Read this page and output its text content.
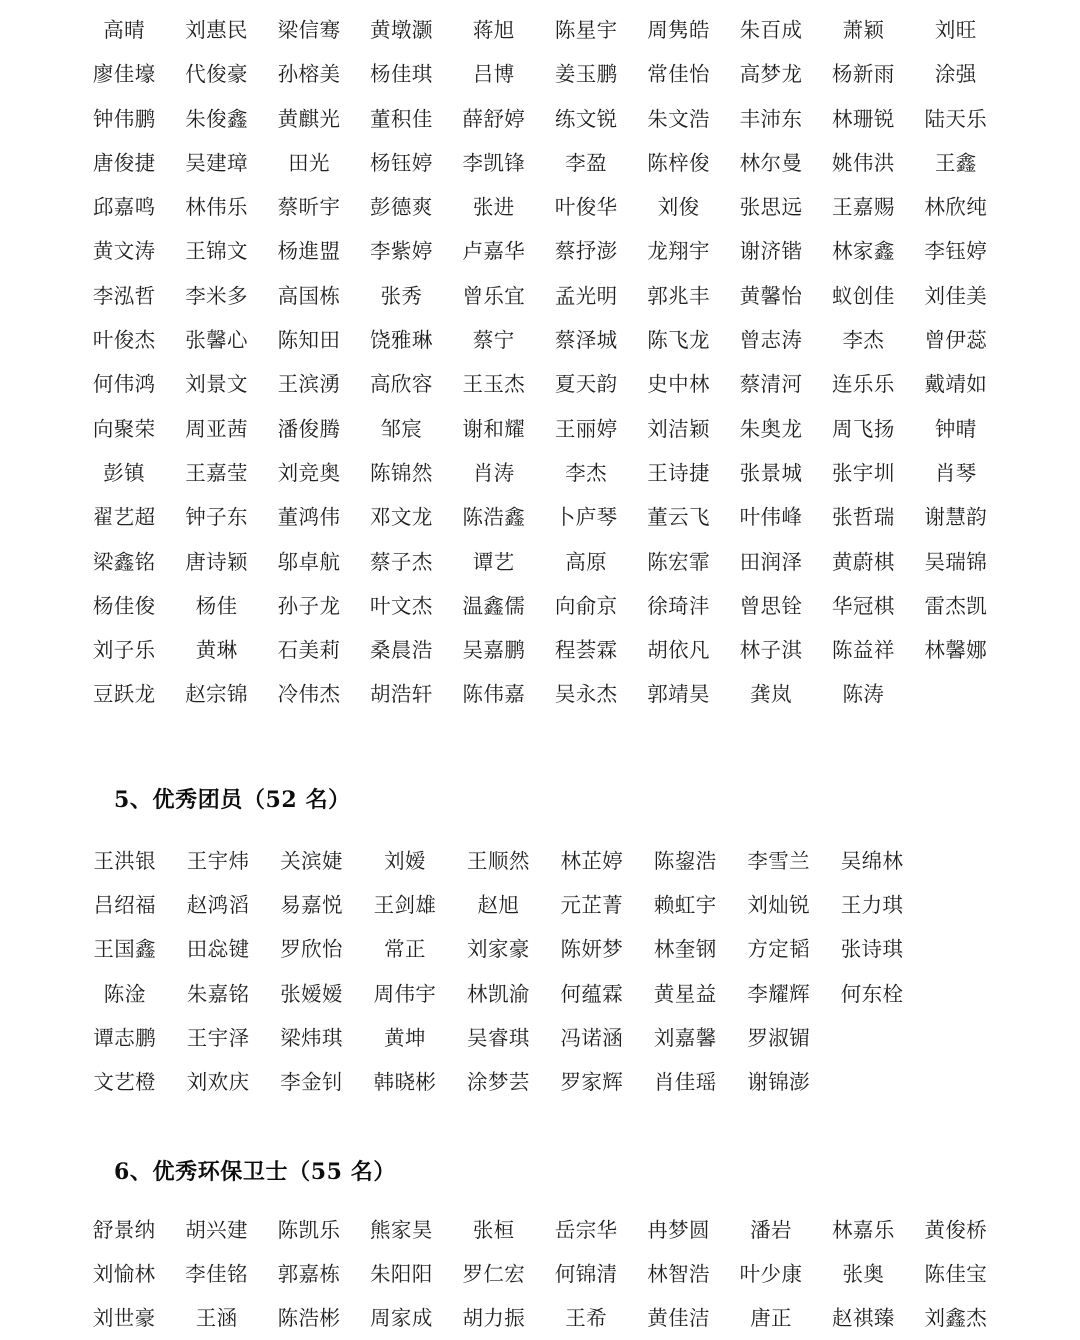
高晴	刘惠民	梁信骞	黄墩灏	蒋旭	陈星宇	周隽皓	朱百成	萧颖	刘旺
廖佳壕	代俊豪	孙榕美	杨佳琪	吕博	姜玉鹏	常佳怡	高梦龙	杨新雨	涂强
钟伟鹏	朱俊鑫	黄麒光	董积佳	薛舒婷	练文锐	朱文浩	丰沛东	林珊锐	陆天乐
唐俊捷	吴建璋	田光	杨钰婷	李凯锋	李盈	陈梓俊	林尔曼	姚伟洪	王鑫
邱嘉鸣	林伟乐	蔡昕宇	彭德爽	张进	叶俊华	刘俊	张思远	王嘉赐	林欣纯
黄文涛	王锦文	杨進盟	李紫婷	卢嘉华	蔡抒澎	龙翔宇	谢济锴	林家鑫	李钰婷
李泓哲	李米多	高国栋	张秀	曾乐宜	孟光明	郭兆丰	黄馨怡	蚁创佳	刘佳美
叶俊杰	张馨心	陈知田	饶雅琳	蔡宁	蔡泽城	陈飞龙	曾志涛	李杰	曾伊蕊
何伟鸿	刘景文	王滨湧	高欣容	王玉杰	夏天韵	史中林	蔡清河	连乐乐	戴靖如
向聚荣	周亚茜	潘俊腾	邹宸	谢和耀	王丽婷	刘洁颖	朱奥龙	周飞扬	钟晴
彭镇	王嘉莹	刘竞奥	陈锦然	肖涛	李杰	王诗捷	张景城	张宇圳	肖琴
翟艺超	钟子东	董鸿伟	邓文龙	陈浩鑫	卜庐琴	董云飞	叶伟峰	张哲瑞	谢慧韵
梁鑫铭	唐诗颖	邬卓航	蔡子杰	谭艺	高原	陈宏霏	田润泽	黄蔚棋	吴瑞锦
杨佳俊	杨佳	孙子龙	叶文杰	温鑫儒	向俞京	徐琦沣	曾思铨	华冠棋	雷杰凯
刘子乐	黄琳	石美莉	桑晨浩	吴嘉鹏	程荟霖	胡依凡	林子淇	陈益祥	林馨娜
豆跃龙	赵宗锦	冷伟杰	胡浩轩	陈伟嘉	吴永杰	郭靖昊	龚岚	陈涛
5、优秀团员（52 名）
王洪银	王宇炜	关滨婕	刘嫒	王顺然	林芷婷	陈鋆浩	李雪兰	吴绵林
吕绍福	赵鸿滔	易嘉悦	王剑雄	赵旭	元芷菁	赖虹宇	刘灿锐	王力琪
王国鑫	田惢键	罗欣怡	常正	刘家豪	陈妍梦	林奎钢	方定韬	张诗琪
陈淦	朱嘉铭	张嫒嫒	周伟宇	林凯渝	何蕴霖	黄星益	李耀辉	何东栓
谭志鹏	王宇泽	梁炜琪	黄坤	吴睿琪	冯诺涵	刘嘉馨	罗淑镅
文艺橙	刘欢庆	李金钊	韩晓彬	涂梦芸	罗家辉	肖佳瑶	谢锦澎
6、优秀环保卫士（55 名）
舒景纳	胡兴建	陈凯乐	熊家昊	张桓	岳宗华	冉梦圆	潘岩	林嘉乐	黄俊桥
刘愉林	李佳铭	郭嘉栋	朱阳阳	罗仁宏	何锦清	林智浩	叶少康	张奥	陈佳宝
刘世豪	王涵	陈浩彬	周家成	胡力振	王希	黄佳洁	唐正	赵祺臻	刘鑫杰
